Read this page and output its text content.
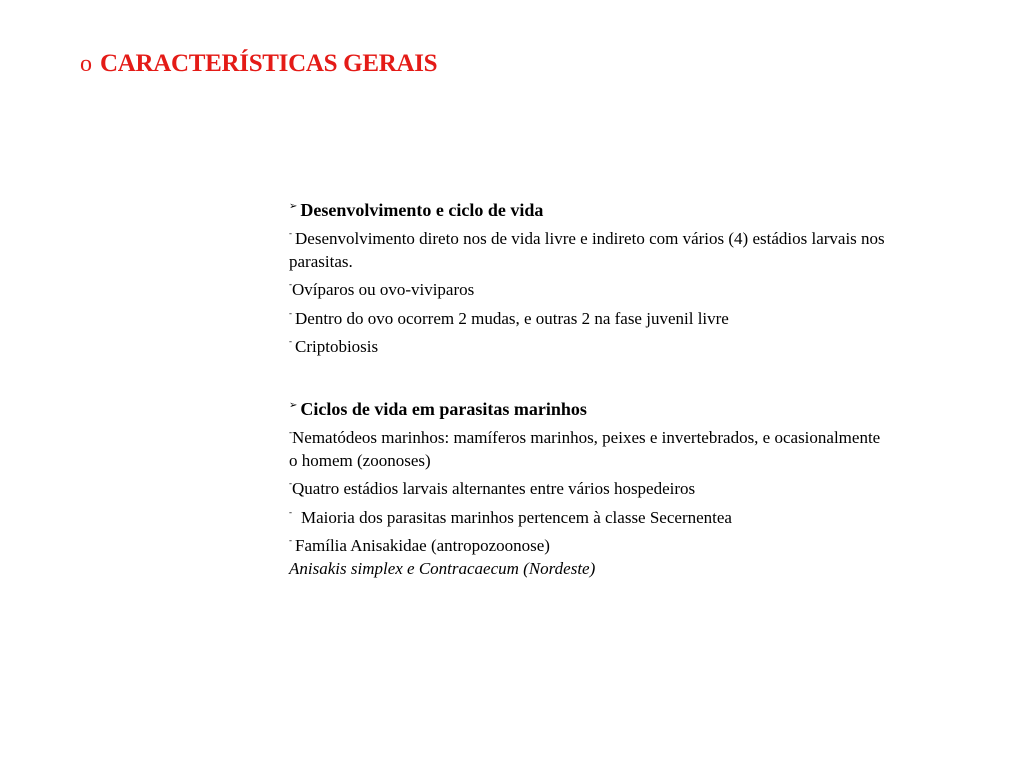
o CARACTERÍSTICAS GERAIS
➢ Desenvolvimento e ciclo de vida
- Desenvolvimento direto nos de vida livre e indireto com vários (4) estádios larvais nos parasitas.
-Ovíparos ou ovo-viviparos
- Dentro do ovo ocorrem 2 mudas, e outras 2 na fase juvenil livre
- Criptobiosis
➢ Ciclos de vida em parasitas marinhos
-Nematódeos marinhos: mamíferos marinhos, peixes e invertebrados, e ocasionalmente o homem (zoonoses)
-Quatro estádios larvais alternantes entre vários hospedeiros
- Maioria dos parasitas marinhos pertencem à classe Secernentea
- Família Anisakidae (antropozoonose)
Anisakis simplex e Contracaecum (Nordeste)
